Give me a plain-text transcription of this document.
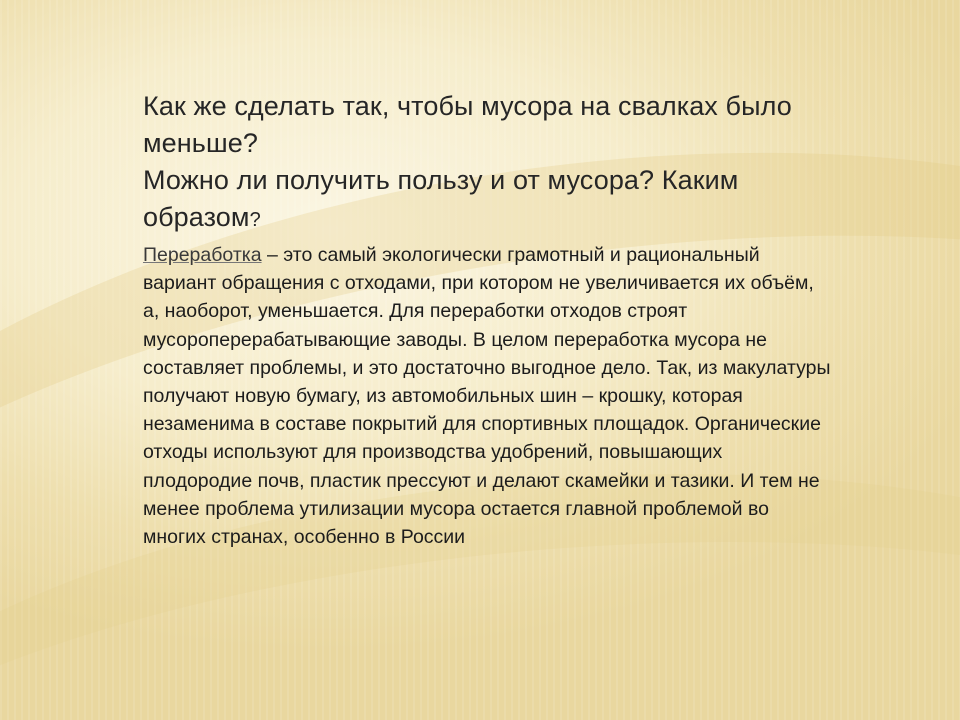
Как же сделать так, чтобы мусора на свалках было меньше?

Можно ли получить пользу и от мусора? Каким образом?

Переработка – это самый экологически грамотный и рациональный вариант обращения с отходами, при котором не увеличивается их объём, а, наоборот, уменьшается. Для переработки отходов строят мусороперерабатывающие заводы. В целом переработка мусора не составляет проблемы, и это достаточно выгодное дело. Так, из макулатуры получают новую бумагу, из автомобильных шин – крошку, которая незаменима в составе покрытий для спортивных площадок. Органические отходы используют для производства удобрений, повышающих плодородие почв, пластик прессуют и делают скамейки и тазики. И тем не менее проблема утилизации мусора остается главной проблемой во многих странах, особенно в России
